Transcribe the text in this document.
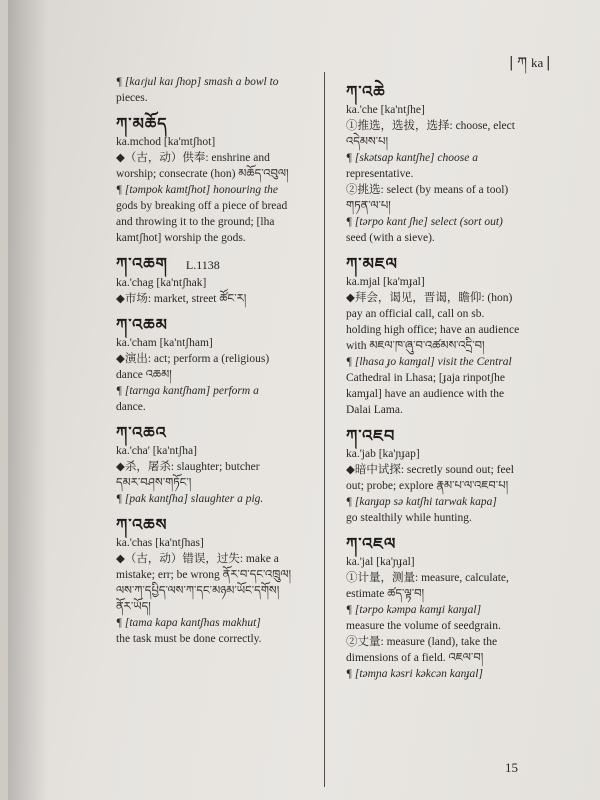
| ཀ ka |
¶ [kaɾjul kaɪ ʃhop] smash a bowl to
pieces.
ཀ་མཆོད
ka.mchod [ka'mtʃhot]
◆（古，动）供奉: enshrine and
worship; consecrate (hon) མཆོད་འབུལ།
¶ [təmpok kamtʃhot] honouring the
gods by breaking off a piece of bread
and throwing it to the ground; [lha
kamtʃhot] worship the gods.
ཀ་འཆག L.1138
ka.'chag [ka'ntʃhak]
◆市场: market, street ཚོང་ར།
ཀ་འཆམ
ka.'cham [ka'ntʃham]
◆演出: act; perform a (religious)
dance འཆམ།
¶ [tarnga kantʃham] perform a
dance.
ཀ་འཆའ
ka.'cha' [ka'ntʃha]
◆杀，屠杀: slaughter; butcher
དམར་བཤས་གཏོང་།
¶ [pak kantʃha] slaughter a pig.
ཀ་འཆས
ka.'chas [ka'ntʃhas]
◆（古，动）错误，过失: make a
mistake; err; be wrong ནོར་བ་དང་འཁྲུལ།
ལས་ཀ་དཔྱིད་ལས་ཀ་དང་མཉམ་ཡོང་དགོས།
ནོར་ཡོད།
¶ [tama kapa kantʃhas makhut]
the task must be done correctly.
ཀ་འཆེ
ka.'che [ka'ntʃhe]
①推选，选拔，选择: choose, elect
འདེམས་པ།
¶ [skətsap kantʃhe] choose a
representative.
②挑选: select (by means of a tool)
གཏན་ལ་པ།
¶ [tərpo kant ʃhe] select (sort out)
seed (with a sieve).
ཀ་མཇལ
ka.mjal [ka'mɟal]
◆拜会，谒见，晋谒，瞻仰: (hon)
pay an official call, call on sb.
holding high office; have an audience
with མཇལ་ཁ་ཞུ་བ་འཚམས་འདྲི་བ།
¶ [lhasa ɟo kamɟal] visit the Central
Cathedral in Lhasa; [ɟaja rinpotʃhe
kamɟal] have an audience with the
Dalai Lama.
ཀ་འཇབ
ka.'jab [ka'ɲɟap]
◆暗中试探: secretly sound out; feel
out; probe; explore རྣམ་པ་ལ་འཇབ་པ།
¶ [kanɟap sə katʃhi tarwak kapa]
go stealthily while hunting.
ཀ་འཇལ
ka.'jal [ka'ɲɟal]
①计量，测量: measure, calculate,
estimate ཚད་ལྟ་བ།
¶ [tərpo kəmpa kamɟi kanɟal]
measure the volume of seedgrain.
②丈量: measure (land), take the
dimensions of a field. འཇལ་བ།
¶ [təmɲa kəsri kəkcən kanɟal]
15
